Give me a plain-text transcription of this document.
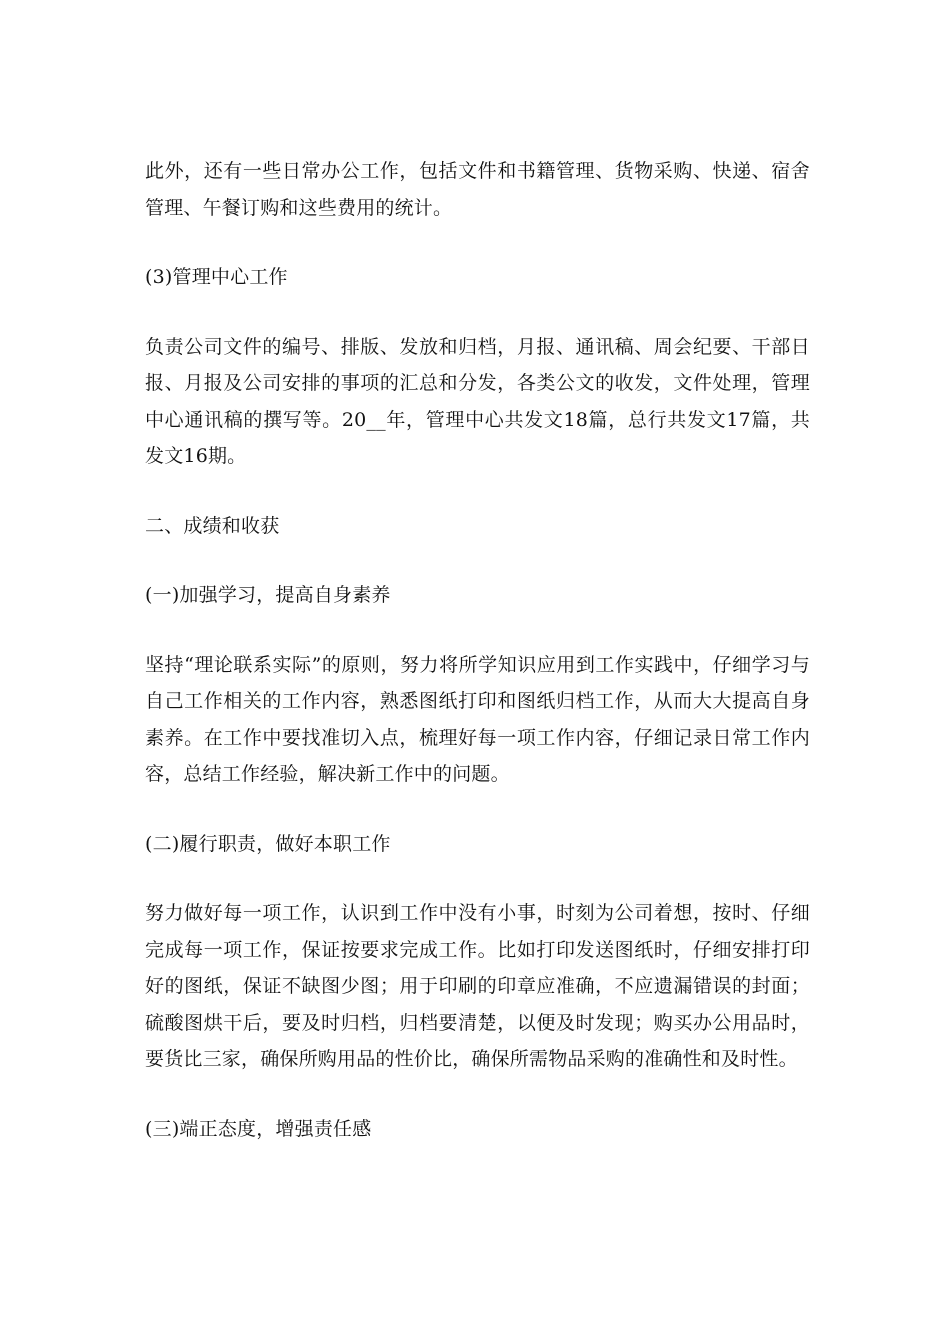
此外，还有一些日常办公工作，包括文件和书籍管理、货物采购、快递、宿舍管理、午餐订购和这些费用的统计。

(3)管理中心工作

负责公司文件的编号、排版、发放和归档，月报、通讯稿、周会纪要、干部日报、月报及公司安排的事项的汇总和分发，各类公文的收发，文件处理，管理中心通讯稿的撰写等。20__年，管理中心共发文18篇，总行共发文17篇，共发文16期。

二、成绩和收获

(一)加强学习，提高自身素养

坚持“理论联系实际”的原则，努力将所学知识应用到工作实践中，仔细学习与自己工作相关的工作内容，熟悉图纸打印和图纸归档工作，从而大大提高自身素养。在工作中要找准切入点，梳理好每一项工作内容，仔细记录日常工作内容，总结工作经验，解决新工作中的问题。

(二)履行职责，做好本职工作

努力做好每一项工作，认识到工作中没有小事，时刻为公司着想，按时、仔细完成每一项工作，保证按要求完成工作。比如打印发送图纸时，仔细安排打印好的图纸，保证不缺图少图；用于印刷的印章应准确，不应遗漏错误的封面；硫酸图烘干后，要及时归档，归档要清楚，以便及时发现；购买办公用品时，要货比三家，确保所购用品的性价比，确保所需物品采购的准确性和及时性。

(三)端正态度，增强责任感
